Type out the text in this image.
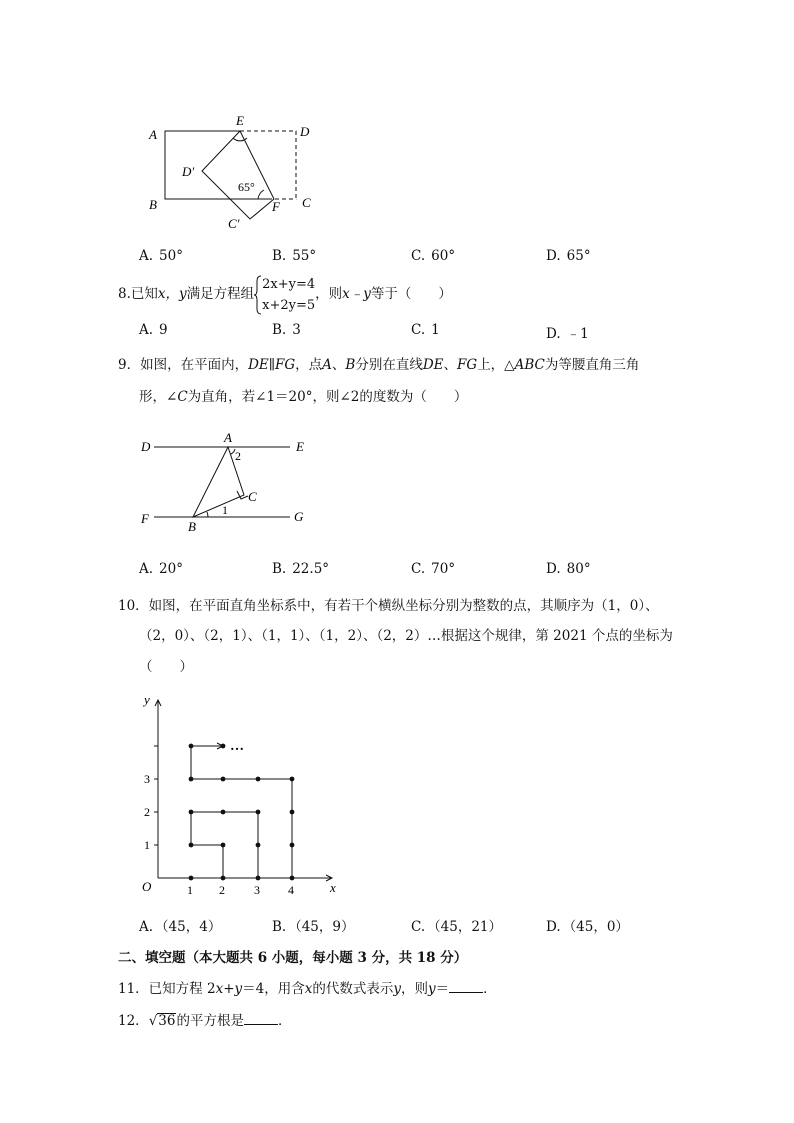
A
E
D
D′
65°
B	F C
C′
A. 50°	B. 55°	C. 60°	D. 65°
8.已知x，y满足方程组2x+y=4
x+2y=5，则x﹣y等于（　　）
A. 9	B. 3	C. 1	D. ﹣1
9．如图，在平面内，DE∥FG，点A、B分别在直线DE、FG上，△ABC为等腰直角三角
形，∠C为直角，若∠1＝20°，则∠2的度数为（　　）
D
A
2
E
C
1
F	G
B
A. 20°	B. 22.5°	C. 70°	D. 80°
10．如图，在平面直角坐标系中，有若干个横纵坐标分别为整数的点，其顺序为（1，0）、
（2，0）、（2，1）、（1，1）、（1，2）、（2，2）…根据这个规律，第 2021 个点的坐标为
（　　）
…
y
x
O	1 2 3 4
1
2
3
A. （45，4）	B. （45，9）	C. （45，21）	D. （45，0）
二、填空题（本大题共 6 小题，每小题 3 分，共 18 分）
11．已知方程 2x+y＝4，用含x的代数式表示y，则y＝	．
12．√36的平方根是	．
